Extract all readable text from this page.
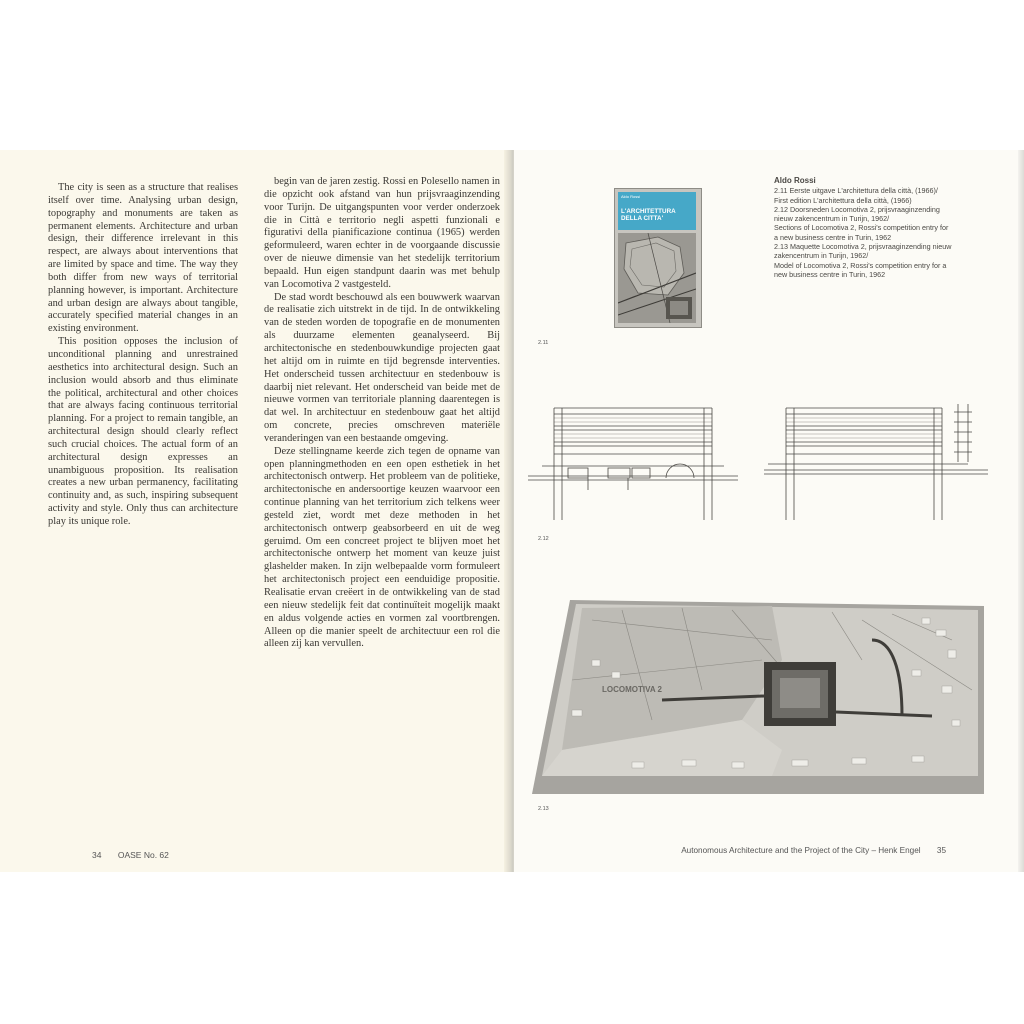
The city is seen as a structure that realises itself over time. Analysing urban design, topography and monuments are taken as permanent elements. Architecture and urban design, their difference irrelevant in this respect, are always about interventions that are limited by space and time. The way they both differ from new ways of territorial planning however, is important. Architecture and urban design are always about tangible, accurately specified material changes in an existing environment.

This position opposes the inclusion of unconditional planning and unrestrained aesthetics into architectural design. Such an inclusion would absorb and thus eliminate the political, architectural and other choices that are always facing continuous territorial planning. For a project to remain tangible, an architectural design should clearly reflect such crucial choices. The actual form of an architectural design expresses an unambiguous proposition. Its realisation creates a new urban permanency, facilitating continuity and, as such, inspiring subsequent activity and style. Only thus can architecture play its unique role.

begin van de jaren zestig. Rossi en Polesello namen in die opzicht ook afstand van hun prijsvraaginzending voor Turijn. De uitgangspunten voor verder onderzoek die in Città e territorio negli aspetti funzionali e figurativi della pianificazione continua (1965) werden geformuleerd, waren echter in de voorgaande discussie over de nieuwe dimensie van het stedelijk territorium bepaald. Hun eigen standpunt daarin was met behulp van Locomotiva 2 vastgesteld.

De stad wordt beschouwd als een bouwwerk waarvan de realisatie zich uitstrekt in de tijd. In de ontwikkeling van de steden worden de topografie en de monumenten als duurzame elementen geanalyseerd. Bij architectonische en stedenbouwkundige projecten gaat het altijd om in ruimte en tijd begrensde interventies. Het onderscheid tussen architectuur en stedenbouw is daarbij niet relevant. Het onderscheid van beide met de nieuwe vormen van territoriale planning daarentegen is dat wel. In architectuur en stedenbouw gaat het altijd om concrete, precies omschreven materiële veranderingen van een bestaande omgeving.

Deze stellingname keerde zich tegen de opname van open planningmethoden en een open esthetiek in het architectonisch ontwerp. Het probleem van de politieke, architectonische en andersoortige keuzen waarvoor een continue planning van het territorium zich telkens weer gesteld ziet, wordt met deze methoden in het architectonisch ontwerp geabsorbeerd en uit de weg geruimd. Om een concreet project te blijven moet het architectonische ontwerp het moment van keuze juist glashelder maken. In zijn welbepaalde vorm formuleert het architectonisch project een eenduidige propositie. Realisatie ervan creëert in de ontwikkeling van de stad een nieuw stedelijk feit dat continuïteit mogelijk maakt en aldus volgende acties en vormen zal voortbrengen. Alleen op die manier speelt de architectuur een rol die alleen zij kan vervullen.

34 OASE No. 62
Aldo Rossi
L'ARCHITETTURA DELLA CITTA'
Aldo Rossi
2.11 Eerste uitgave L'architettura della città, (1966)/
First edition L'architettura della città, (1966)
2.12 Doorsneden Locomotiva 2, prijsvraaginzending
nieuw zakencentrum in Turijn, 1962/
Sections of Locomotiva 2, Rossi's competition entry for
a new business centre in Turin, 1962
2.13 Maquette Locomotiva 2, prijsvraaginzending nieuw
zakencentrum in Turijn, 1962/
Model of Locomotiva 2, Rossi's competition entry for a
new business centre in Turin, 1962
2.11
2.12
LOCOMOTIVA 2
2.13
Autonomous Architecture and the Project of the City – Henk Engel 35
